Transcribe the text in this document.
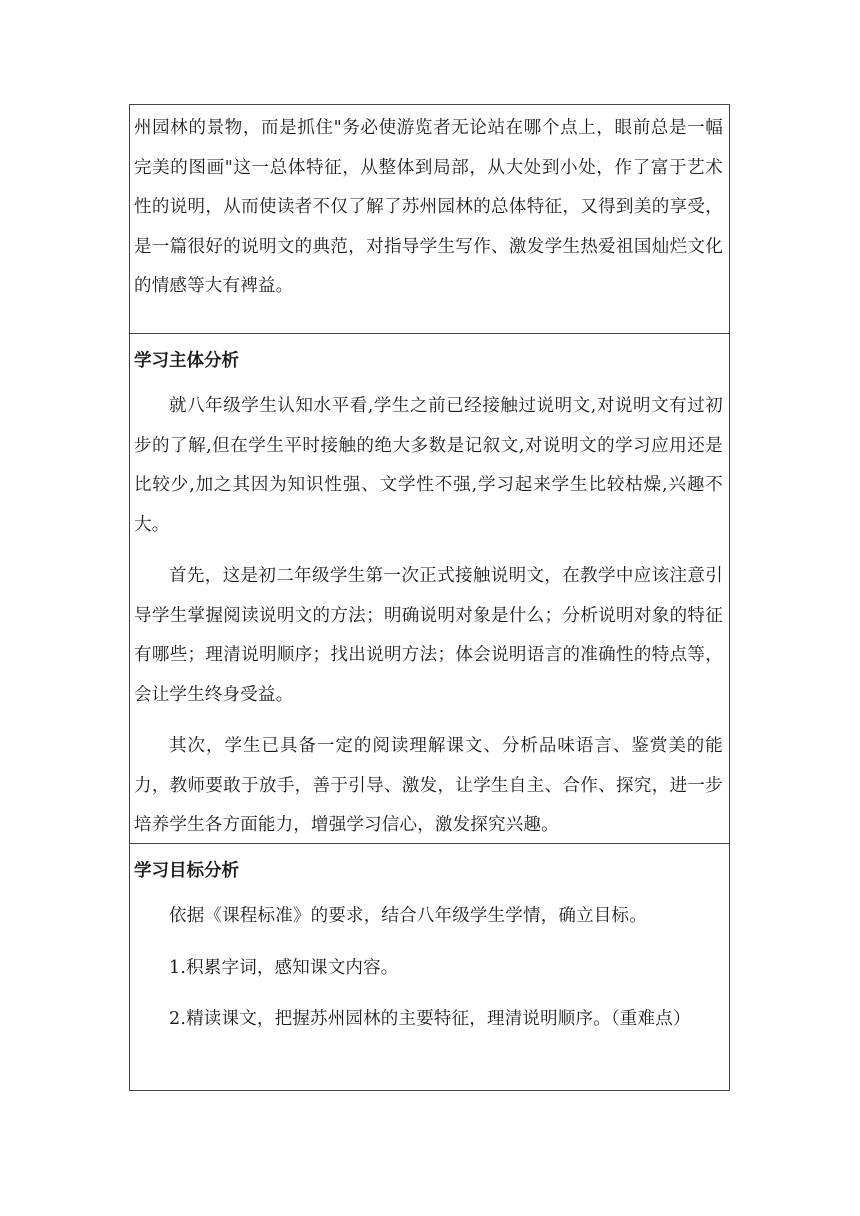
州园林的景物，而是抓住"务必使游览者无论站在哪个点上，眼前总是一幅完美的图画"这一总体特征，从整体到局部，从大处到小处，作了富于艺术性的说明，从而使读者不仅了解了苏州园林的总体特征，又得到美的享受，是一篇很好的说明文的典范，对指导学生写作、激发学生热爱祖国灿烂文化的情感等大有裨益。

学习主体分析

就八年级学生认知水平看,学生之前已经接触过说明文,对说明文有过初步的了解,但在学生平时接触的绝大多数是记叙文,对说明文的学习应用还是比较少,加之其因为知识性强、文学性不强,学习起来学生比较枯燥,兴趣不大。

首先，这是初二年级学生第一次正式接触说明文，在教学中应该注意引导学生掌握阅读说明文的方法；明确说明对象是什么；分析说明对象的特征有哪些；理清说明顺序；找出说明方法；体会说明语言的准确性的特点等，会让学生终身受益。

其次，学生已具备一定的阅读理解课文、分析品味语言、鉴赏美的能力，教师要敢于放手，善于引导、激发，让学生自主、合作、探究，进一步培养学生各方面能力，增强学习信心，激发探究兴趣。

学习目标分析

依据《课程标准》的要求，结合八年级学生学情，确立目标。

1.积累字词，感知课文内容。

2.精读课文，把握苏州园林的主要特征，理清说明顺序。（重难点）
